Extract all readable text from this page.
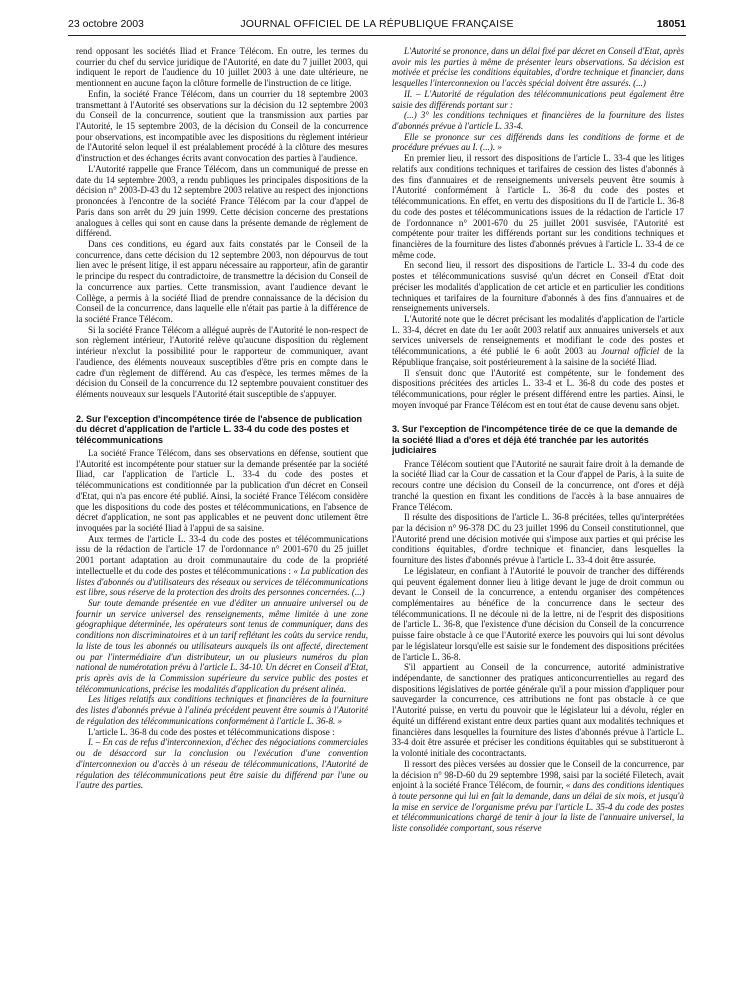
23 octobre 2003	JOURNAL OFFICIEL DE LA RÉPUBLIQUE FRANÇAISE	18051

rend opposant les sociétés Iliad et France Télécom. En outre, les termes du courrier du chef du service juridique de l'Autorité, en date du 7 juillet 2003, qui indiquent le report de l'audience du 10 juillet 2003 à une date ultérieure, ne mentionnent en aucune façon la clôture formelle de l'instruction de ce litige.

Enfin, la société France Télécom, dans un courrier du 18 septembre 2003 transmettant à l'Autorité ses observations sur la décision du 12 septembre 2003 du Conseil de la concurrence, soutient que la transmission aux parties par l'Autorité, le 15 septembre 2003, de la décision du Conseil de la concurrence pour observations, est incompatible avec les dispositions du règlement intérieur de l'Autorité selon lequel il est préalablement procédé à la clôture des mesures d'instruction et des échanges écrits avant convocation des parties à l'audience.

L'Autorité rappelle que France Télécom, dans un communiqué de presse en date du 14 septembre 2003, a rendu publiques les principales dispositions de la décision n° 2003-D-43 du 12 septembre 2003 relative au respect des injonctions prononcées à l'encontre de la société France Télécom par la cour d'appel de Paris dans son arrêt du 29 juin 1999. Cette décision concerne des prestations analogues à celles qui sont en cause dans la présente demande de règlement de différend.

Dans ces conditions, eu égard aux faits constatés par le Conseil de la concurrence, dans cette décision du 12 septembre 2003, non dépourvus de tout lien avec le présent litige, il est apparu nécessaire au rapporteur, afin de garantir le principe du respect du contradictoire, de transmettre la décision du Conseil de la concurrence aux parties. Cette transmission, avant l'audience devant le Collège, a permis à la société Iliad de prendre connaissance de la décision du Conseil de la concurrence, dans laquelle elle n'était pas partie à la différence de la société France Télécom.

Si la société France Télécom a allégué auprès de l'Autorité le non-respect de son règlement intérieur, l'Autorité relève qu'aucune disposition du règlement intérieur n'exclut la possibilité pour le rapporteur de communiquer, avant l'audience, des éléments nouveaux susceptibles d'être pris en compte dans le cadre d'un règlement de différend. Au cas d'espèce, les termes mêmes de la décision du Conseil de la concurrence du 12 septembre pouvaient constituer des éléments nouveaux sur lesquels l'Autorité était susceptible de s'appuyer.

2. Sur l'exception d'incompétence tirée de l'absence de publication du décret d'application de l'article L. 33-4 du code des postes et télécommunications

La société France Télécom, dans ses observations en défense, soutient que l'Autorité est incompétente pour statuer sur la demande présentée par la société Iliad, car l'application de l'article L. 33-4 du code des postes et télécommunications est conditionnée par la publication d'un décret en Conseil d'Etat, qui n'a pas encore été publié. Ainsi, la société France Télécom considère que les dispositions du code des postes et télécommunications, en l'absence de décret d'application, ne sont pas applicables et ne peuvent donc utilement être invoquées par la société Iliad à l'appui de sa saisine.

Aux termes de l'article L. 33-4 du code des postes et télécommunications issu de la rédaction de l'article 17 de l'ordonnance n° 2001-670 du 25 juillet 2001 portant adaptation au droit communautaire du code de la propriété intellectuelle et du code des postes et télécommunications : « La publication des listes d'abonnés ou d'utilisateurs des réseaux ou services de télécommunications est libre, sous réserve de la protection des droits des personnes concernées. (...)

Sur toute demande présentée en vue d'éditer un annuaire universel ou de fournir un service universel des renseignements, même limitée à une zone géographique déterminée, les opérateurs sont tenus de communiquer, dans des conditions non discriminatoires et à un tarif reflétant les coûts du service rendu, la liste de tous les abonnés ou utilisateurs auxquels ils ont affecté, directement ou par l'intermédiaire d'un distributeur, un ou plusieurs numéros du plan national de numérotation prévu à l'article L. 34-10. Un décret en Conseil d'Etat, pris après avis de la Commission supérieure du service public des postes et télécommunications, précise les modalités d'application du présent alinéa.

Les litiges relatifs aux conditions techniques et financières de la fourniture des listes d'abonnés prévue à l'alinéa précédent peuvent être soumis à l'Autorité de régulation des télécommunications conformément à l'article L. 36-8. »

L'article L. 36-8 du code des postes et télécommunications dispose :

I. – En cas de refus d'interconnexion, d'échec des négociations commerciales ou de désaccord sur la conclusion ou l'exécution d'une convention d'interconnexion ou d'accès à un réseau de télécommunications, l'Autorité de régulation des télécommunications peut être saisie du différend par l'une ou l'autre des parties.

L'Autorité se prononce, dans un délai fixé par décret en Conseil d'Etat, après avoir mis les parties à même de présenter leurs observations. Sa décision est motivée et précise les conditions équitables, d'ordre technique et financier, dans lesquelles l'interconnexion ou l'accès spécial doivent être assurés. (...)

II. – L'Autorité de régulation des télécommunications peut également être saisie des différends portant sur :

(...) 3° les conditions techniques et financières de la fourniture des listes d'abonnés prévue à l'article L. 33-4.

Elle se prononce sur ces différends dans les conditions de forme et de procédure prévues au I. (...). »

En premier lieu, il ressort des dispositions de l'article L. 33-4 que les litiges relatifs aux conditions techniques et tarifaires de cession des listes d'abonnés à des fins d'annuaires et de renseignements universels peuvent être soumis à l'Autorité conformément à l'article L. 36-8 du code des postes et télécommunications. En effet, en vertu des dispositions du II de l'article L. 36-8 du code des postes et télécommunications issues de la rédaction de l'article 17 de l'ordonnance n° 2001-670 du 25 juillet 2001 susvisée, l'Autorité est compétente pour traiter les différends portant sur les conditions techniques et financières de la fourniture des listes d'abonnés prévues à l'article L. 33-4 de ce même code.

En second lieu, il ressort des dispositions de l'article L. 33-4 du code des postes et télécommunications susvisé qu'un décret en Conseil d'Etat doit préciser les modalités d'application de cet article et en particulier les conditions techniques et tarifaires de la fourniture d'abonnés à des fins d'annuaires et de renseignements universels.

L'Autorité note que le décret précisant les modalités d'application de l'article L. 33-4, décret en date du 1er août 2003 relatif aux annuaires universels et aux services universels de renseignements et modifiant le code des postes et télécommunications, a été publié le 6 août 2003 au Journal officiel de la République française, soit postérieurement à la saisine de la société Iliad.

Il s'ensuit donc que l'Autorité est compétente, sur le fondement des dispositions précitées des articles L. 33-4 et L. 36-8 du code des postes et télécommunications, pour régler le présent différend entre les parties. Ainsi, le moyen invoqué par France Télécom est en tout état de cause devenu sans objet.

3. Sur l'exception de l'incompétence tirée de ce que la demande de la société Iliad a d'ores et déjà été tranchée par les autorités judiciaires

France Télécom soutient que l'Autorité ne saurait faire droit à la demande de la société Iliad car la Cour de cassation et la Cour d'appel de Paris, à la suite de recours contre une décision du Conseil de la concurrence, ont d'ores et déjà tranché la question en fixant les conditions de l'accès à la base annuaires de France Télécom.

Il résulte des dispositions de l'article L. 36-8 précitées, telles qu'interprétées par la décision n° 96-378 DC du 23 juillet 1996 du Conseil constitutionnel, que l'Autorité prend une décision motivée qui s'impose aux parties et qui précise les conditions équitables, d'ordre technique et financier, dans lesquelles la fourniture des listes d'abonnés prévue à l'article L. 33-4 doit être assurée.

Le législateur, en confiant à l'Autorité le pouvoir de trancher des différends qui peuvent également donner lieu à litige devant le juge de droit commun ou devant le Conseil de la concurrence, a entendu organiser des compétences complémentaires au bénéfice de la concurrence dans le secteur des télécommunications. Il ne découle ni de la lettre, ni de l'esprit des dispositions de l'article L. 36-8, que l'existence d'une décision du Conseil de la concurrence puisse faire obstacle à ce que l'Autorité exerce les pouvoirs qui lui sont dévolus par le législateur lorsqu'elle est saisie sur le fondement des dispositions précitées de l'article L. 36-8.

S'il appartient au Conseil de la concurrence, autorité administrative indépendante, de sanctionner des pratiques anticoncurrentielles au regard des dispositions législatives de portée générale qu'il a pour mission d'appliquer pour sauvegarder la concurrence, ces attributions ne font pas obstacle à ce que l'Autorité puisse, en vertu du pouvoir que le législateur lui a dévolu, régler en équité un différend existant entre deux parties quant aux modalités techniques et financières dans lesquelles la fourniture des listes d'abonnés prévue à l'article L. 33-4 doit être assurée et préciser les conditions équitables qui se substitueront à la volonté initiale des cocontractants.

Il ressort des pièces versées au dossier que le Conseil de la concurrence, par la décision n° 98-D-60 du 29 septembre 1998, saisi par la société Filetech, avait enjoint à la société France Télécom, de fournir, « dans des conditions identiques à toute personne qui lui en fait la demande, dans un délai de six mois, et jusqu'à la mise en service de l'organisme prévu par l'article L. 35-4 du code des postes et télécommunications chargé de tenir à jour la liste de l'annuaire universel, la liste consolidée comportant, sous réserve
